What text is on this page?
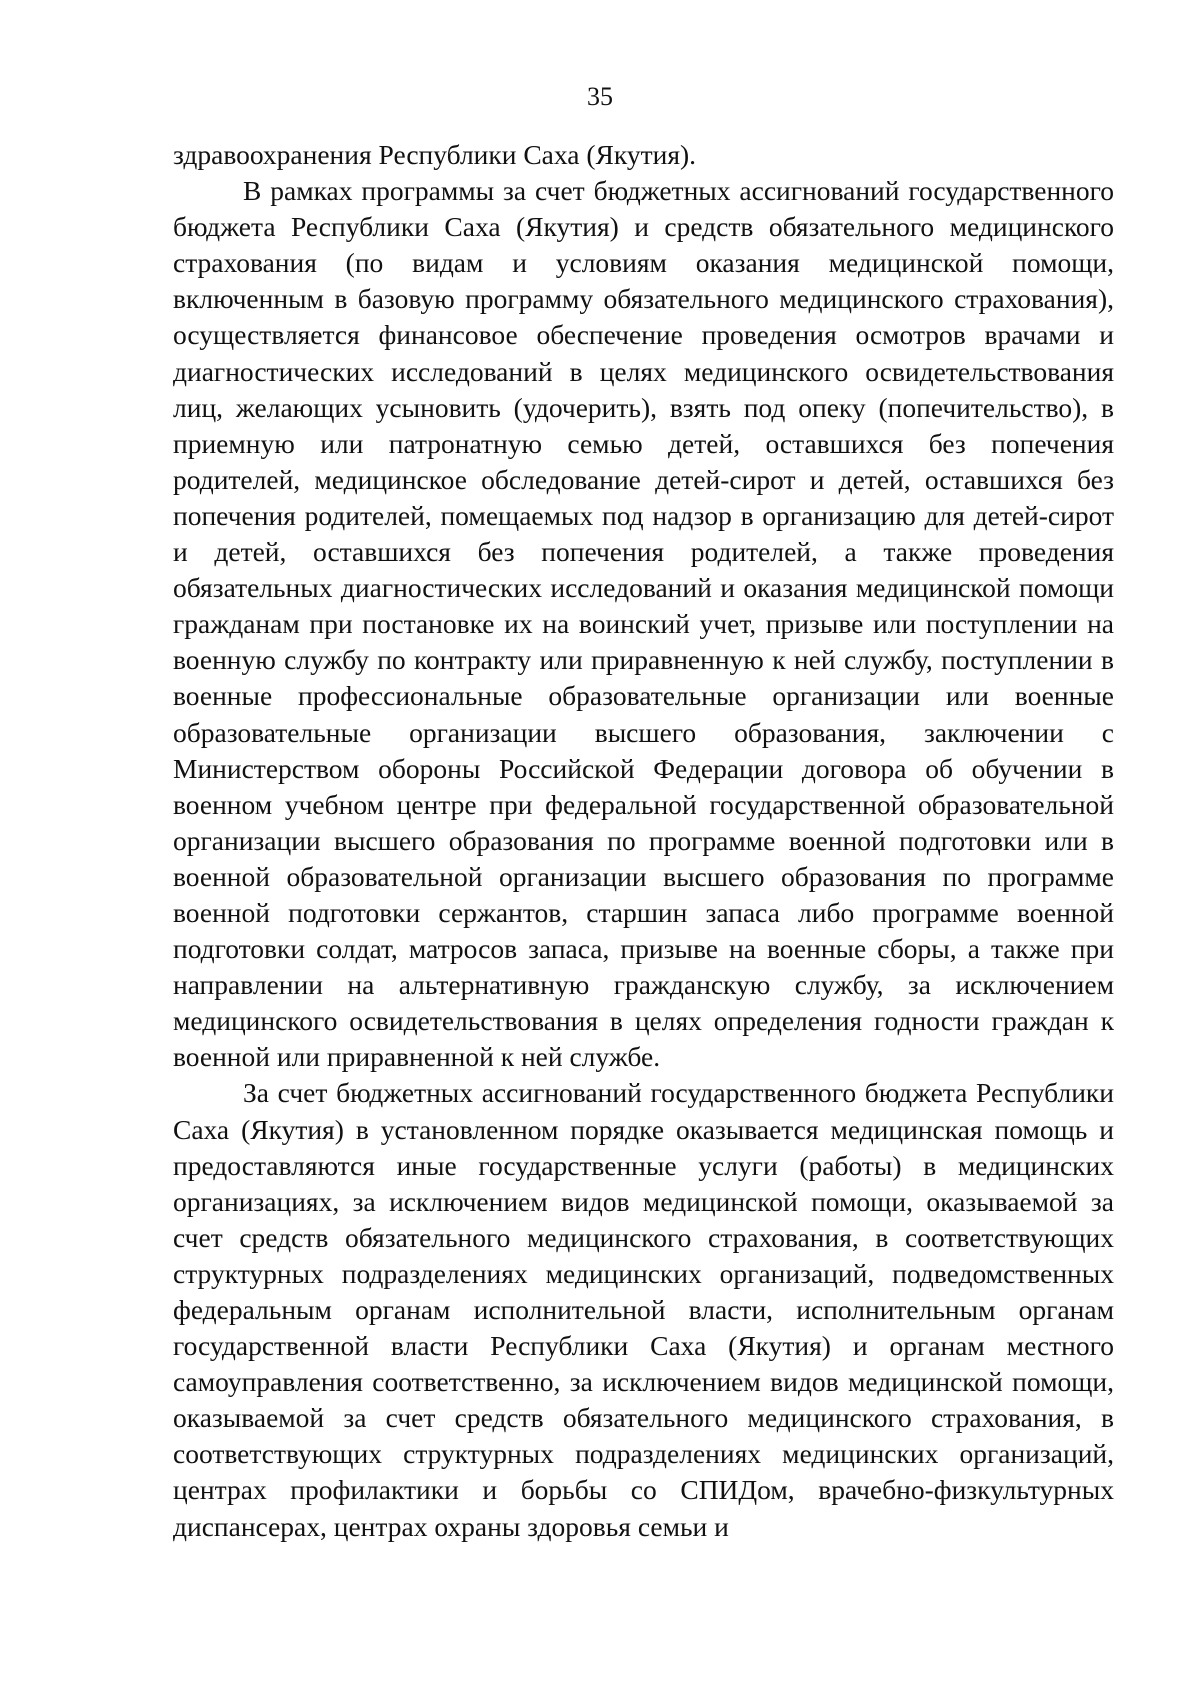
35

здравоохранения Республики Саха (Якутия).

В рамках программы за счет бюджетных ассигнований государственного бюджета Республики Саха (Якутия) и средств обязательного медицинского страхования (по видам и условиям оказания медицинской помощи, включенным в базовую программу обязательного медицинского страхования), осуществляется финансовое обеспечение проведения осмотров врачами и диагностических исследований в целях медицинского освидетельствования лиц, желающих усыновить (удочерить), взять под опеку (попечительство), в приемную или патронатную семью детей, оставшихся без попечения родителей, медицинское обследование детей-сирот и детей, оставшихся без попечения родителей, помещаемых под надзор в организацию для детей-сирот и детей, оставшихся без попечения родителей, а также проведения обязательных диагностических исследований и оказания медицинской помощи гражданам при постановке их на воинский учет, призыве или поступлении на военную службу по контракту или приравненную к ней службу, поступлении в военные профессиональные образовательные организации или военные образовательные организации высшего образования, заключении с Министерством обороны Российской Федерации договора об обучении в военном учебном центре при федеральной государственной образовательной организации высшего образования по программе военной подготовки или в военной образовательной организации высшего образования по программе военной подготовки сержантов, старшин запаса либо программе военной подготовки солдат, матросов запаса, призыве на военные сборы, а также при направлении на альтернативную гражданскую службу, за исключением медицинского освидетельствования в целях определения годности граждан к военной или приравненной к ней службе.

За счет бюджетных ассигнований государственного бюджета Республики Саха (Якутия) в установленном порядке оказывается медицинская помощь и предоставляются иные государственные услуги (работы) в медицинских организациях, за исключением видов медицинской помощи, оказываемой за счет средств обязательного медицинского страхования, в соответствующих структурных подразделениях медицинских организаций, подведомственных федеральным органам исполнительной власти, исполнительным органам государственной власти Республики Саха (Якутия) и органам местного самоуправления соответственно, за исключением видов медицинской помощи, оказываемой за счет средств обязательного медицинского страхования, в соответствующих структурных подразделениях медицинских организаций, центрах профилактики и борьбы со СПИДом, врачебно-физкультурных диспансерах, центрах охраны здоровья семьи и
